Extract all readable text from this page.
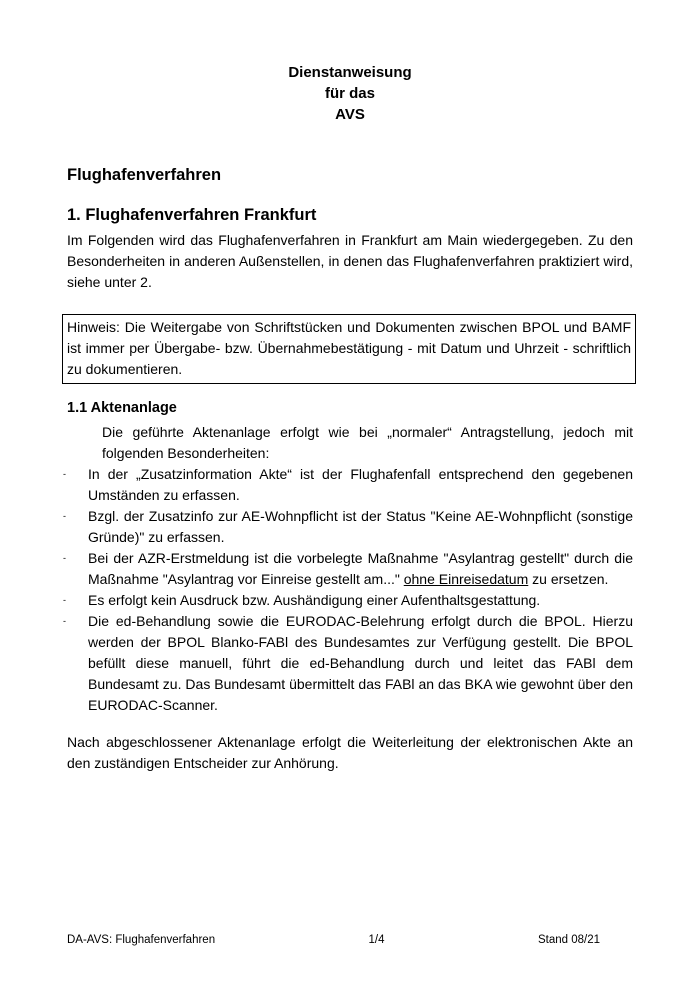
Dienstanweisung
für das
AVS
Flughafenverfahren
1. Flughafenverfahren Frankfurt

Im Folgenden wird das Flughafenverfahren in Frankfurt am Main wiedergegeben. Zu den Besonderheiten in anderen Außenstellen, in denen das Flughafenverfahren praktiziert wird, siehe unter 2.

Hinweis: Die Weitergabe von Schriftstücken und Dokumenten zwischen BPOL und BAMF ist immer per Übergabe- bzw. Übernahmebestätigung - mit Datum und Uhrzeit - schriftlich zu dokumentieren.
1.1 Aktenanlage
Die geführte Aktenanlage erfolgt wie bei „normaler“ Antragstellung, jedoch mit folgenden Besonderheiten:
- In der „Zusatzinformation Akte“ ist der Flughafenfall entsprechend den gegebenen Umständen zu erfassen.
- Bzgl. der Zusatzinfo zur AE-Wohnpflicht ist der Status "Keine AE-Wohnpflicht (sonstige Gründe)" zu erfassen.
- Bei der AZR-Erstmeldung ist die vorbelegte Maßnahme "Asylantrag gestellt" durch die Maßnahme "Asylantrag vor Einreise gestellt am..." ohne Einreisedatum zu ersetzen.
- Es erfolgt kein Ausdruck bzw. Aushändigung einer Aufenthaltsgestattung.
- Die ed-Behandlung sowie die EURODAC-Belehrung erfolgt durch die BPOL. Hierzu werden der BPOL Blanko-FABl des Bundesamtes zur Verfügung gestellt. Die BPOL befüllt diese manuell, führt die ed-Behandlung durch und leitet das FABl dem Bundesamt zu. Das Bundesamt übermittelt das FABl an das BKA wie gewohnt über den EURODAC-Scanner.

Nach abgeschlossener Aktenanlage erfolgt die Weiterleitung der elektronischen Akte an den zuständigen Entscheider zur Anhörung.

DA-AVS: Flughafenverfahren	1/4	Stand 08/21
